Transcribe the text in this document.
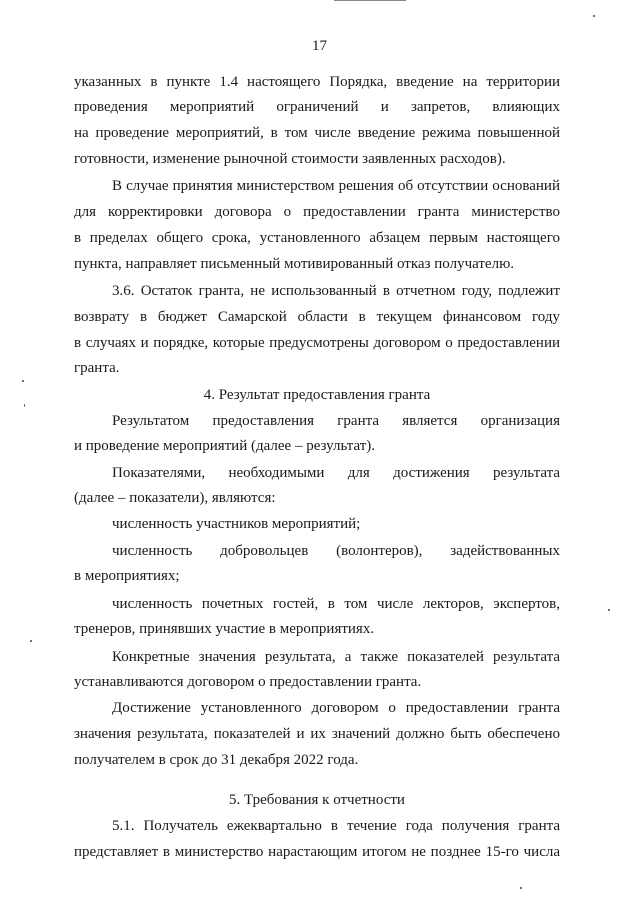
17
указанных в пункте 1.4 настоящего Порядка, введение на территории
проведения мероприятий ограничений и запретов, влияющих
на проведение мероприятий, в том числе введение режима повышенной
готовности, изменение рыночной стоимости заявленных расходов).
В случае принятия министерством решения об отсутствии оснований
для корректировки договора о предоставлении гранта министерство
в пределах общего срока, установленного абзацем первым настоящего
пункта, направляет письменный мотивированный отказ получателю.
3.6. Остаток гранта, не использованный в отчетном году, подлежит
возврату в бюджет Самарской области в текущем финансовом году
в случаях и порядке, которые предусмотрены договором о предоставлении
гранта.
4. Результат предоставления гранта
Результатом предоставления гранта является организация
и проведение мероприятий (далее – результат).
Показателями, необходимыми для достижения результата
(далее – показатели), являются:
численность участников мероприятий;
численность добровольцев (волонтеров), задействованных
в мероприятиях;
численность почетных гостей, в том числе лекторов, экспертов,
тренеров, принявших участие в мероприятиях.
Конкретные значения результата, а также показателей результата
устанавливаются договором о предоставлении гранта.
Достижение установленного договором о предоставлении гранта
значения результата, показателей и их значений должно быть обеспечено
получателем в срок до 31 декабря 2022 года.
5. Требования к отчетности
5.1. Получатель ежеквартально в течение года получения гранта
представляет в министерство нарастающим итогом не позднее 15-го числа
